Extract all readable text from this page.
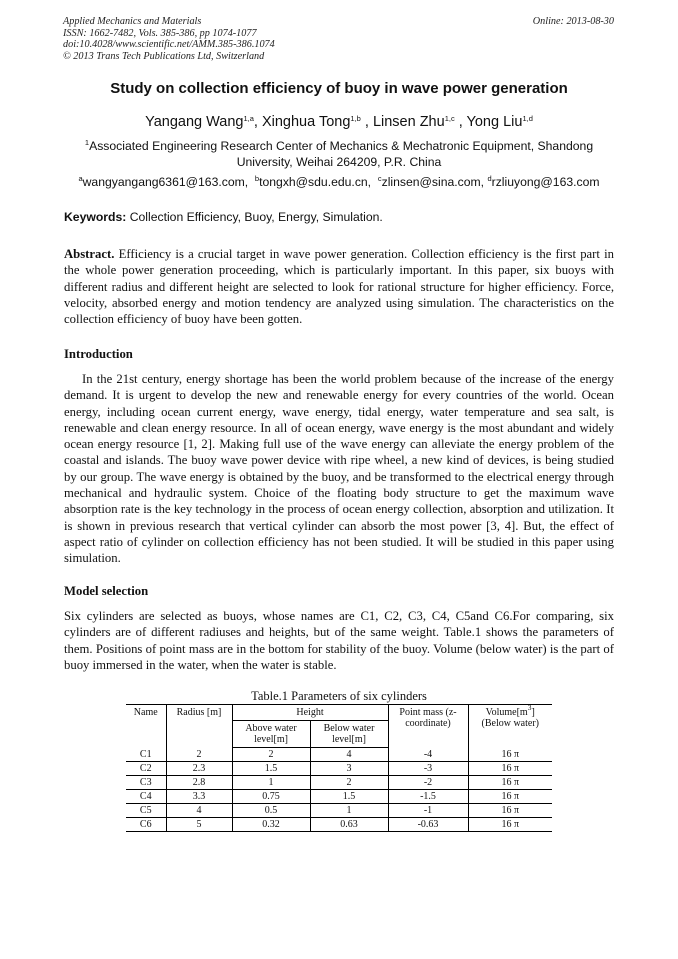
Applied Mechanics and Materials
ISSN: 1662-7482, Vols. 385-386, pp 1074-1077
doi:10.4028/www.scientific.net/AMM.385-386.1074
© 2013 Trans Tech Publications Ltd, Switzerland
Online: 2013-08-30
Study on collection efficiency of buoy in wave power generation
Yangang Wang$^{1,a}$, Xinghua Tong$^{1,b}$ , Linsen Zhu$^{1,c}$ , Yong Liu$^{1,d}$
$^1$Associated Engineering Research Center of Mechanics & Mechatronic Equipment, Shandong University, Weihai 264209, P.R. China
$^a$wangyangang6361@163.com, $^b$tongxh@sdu.edu.cn, $^c$zlinsen@sina.com, $^d$rzliuyong@163.com
Keywords: Collection Efficiency, Buoy, Energy, Simulation.

Abstract. Efficiency is a crucial target in wave power generation. Collection efficiency is the first part in the whole power generation proceeding, which is particularly important. In this paper, six buoys with different radius and different height are selected to look for rational structure for higher efficiency. Force, velocity, absorbed energy and motion tendency are analyzed using simulation. The characteristics on the collection efficiency of buoy have been gotten.

Introduction

In the 21st century, energy shortage has been the world problem because of the increase of the energy demand. It is urgent to develop the new and renewable energy for every countries of the world. Ocean energy, including ocean current energy, wave energy, tidal energy, water temperature and sea salt, is renewable and clean energy resource. In all of ocean energy, wave energy is the most abundant and widely ocean energy resource [1, 2]. Making full use of the wave energy can alleviate the energy problem of the coastal and islands. The buoy wave power device with ripe wheel, a new kind of devices, is being studied by our group. The wave energy is obtained by the buoy, and be transformed to the electrical energy through mechanical and hydraulic system. Choice of the floating body structure to get the maximum wave absorption rate is the key technology in the process of ocean energy collection, absorption and utilization. It is shown in previous research that vertical cylinder can absorb the most power [3, 4]. But, the effect of aspect ratio of cylinder on collection efficiency has not been studied. It will be studied in this paper using simulation.

Model selection

Six cylinders are selected as buoys, whose names are C1, C2, C3, C4, C5and C6.For comparing, six cylinders are of different radiuses and heights, but of the same weight. Table.1 shows the parameters of them. Positions of point mass are in the bottom for stability of the buoy. Volume (below water) is the part of buoy immersed in the water, when the water is stable.

Table.1 Parameters of six cylinders
Name	Radius [m]	Height		Point mass (z-coordinate)	$Volume[m^3]$ (Below water)
		Above water level[m]	Below water level[m]		
C1	2	2	4	-4	16 π
C2	2.3	1.5	3	-3	16 π
C3	2.8	1	2	-2	16 π
C4	3.3	0.75	1.5	-1.5	16 π
C5	4	0.5	1	-1	16 π
C6	5	0.32	0.63	-0.63	16 π
